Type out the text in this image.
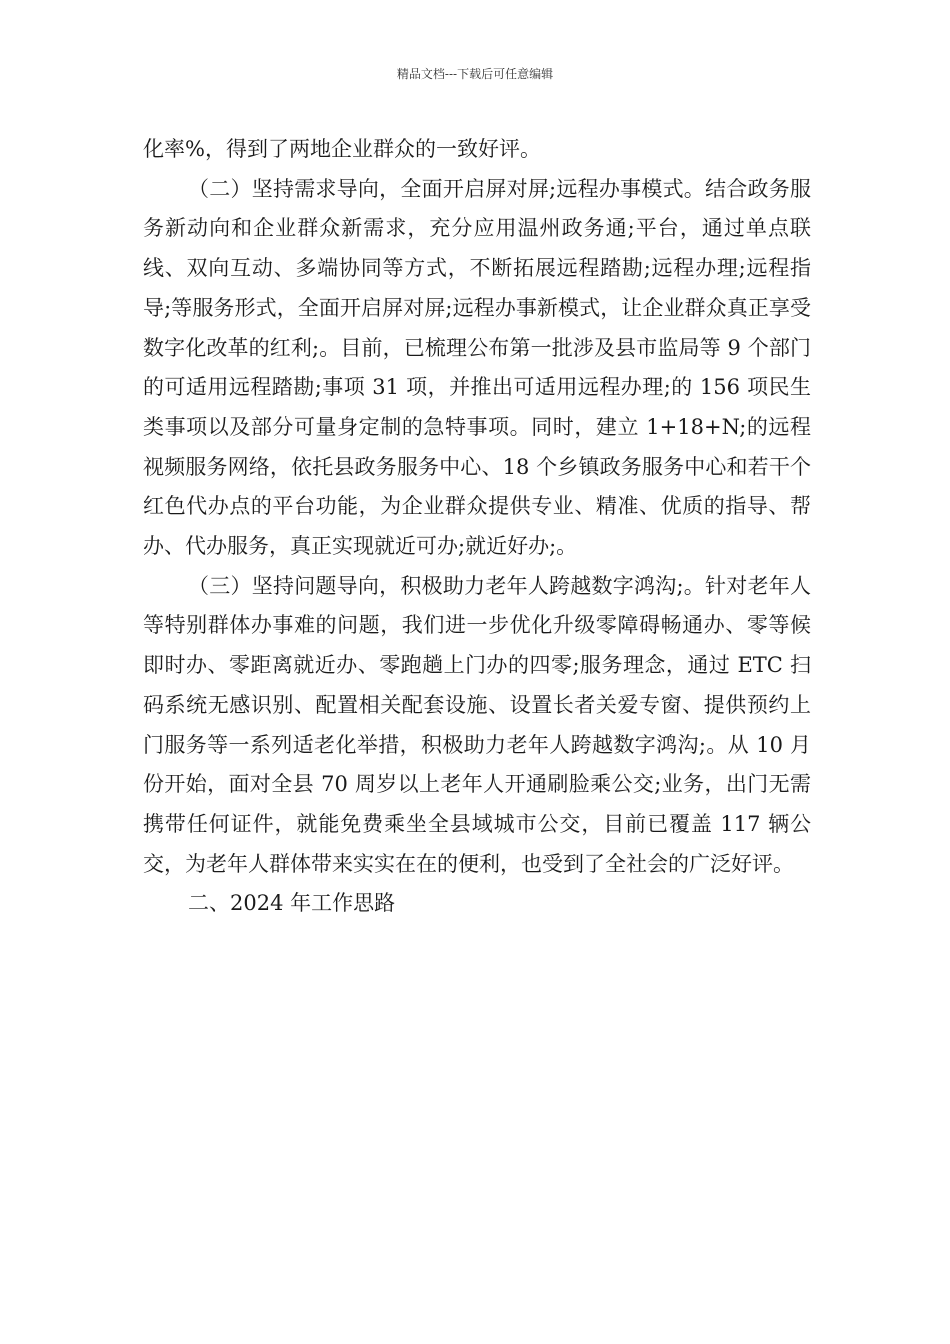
精品文档---下载后可任意编辑

化率%，得到了两地企业群众的一致好评。

（二）坚持需求导向，全面开启屏对屏;远程办事模式。结合政务服务新动向和企业群众新需求，充分应用温州政务通;平台，通过单点联线、双向互动、多端协同等方式，不断拓展远程踏勘;远程办理;远程指导;等服务形式，全面开启屏对屏;远程办事新模式，让企业群众真正享受数字化改革的红利;。目前，已梳理公布第一批涉及县市监局等 9 个部门的可适用远程踏勘;事项 31 项，并推出可适用远程办理;的 156 项民生类事项以及部分可量身定制的急特事项。同时，建立 1+18+N;的远程视频服务网络，依托县政务服务中心、18 个乡镇政务服务中心和若干个红色代办点的平台功能，为企业群众提供专业、精准、优质的指导、帮办、代办服务，真正实现就近可办;就近好办;。

（三）坚持问题导向，积极助力老年人跨越数字鸿沟;。针对老年人等特别群体办事难的问题，我们进一步优化升级零障碍畅通办、零等候即时办、零距离就近办、零跑趟上门办的四零;服务理念，通过 ETC 扫码系统无感识别、配置相关配套设施、设置长者关爱专窗、提供预约上门服务等一系列适老化举措，积极助力老年人跨越数字鸿沟;。从 10 月份开始，面对全县 70 周岁以上老年人开通刷脸乘公交;业务，出门无需携带任何证件，就能免费乘坐全县域城市公交，目前已覆盖 117 辆公交，为老年人群体带来实实在在的便利，也受到了全社会的广泛好评。

二、2024 年工作思路
